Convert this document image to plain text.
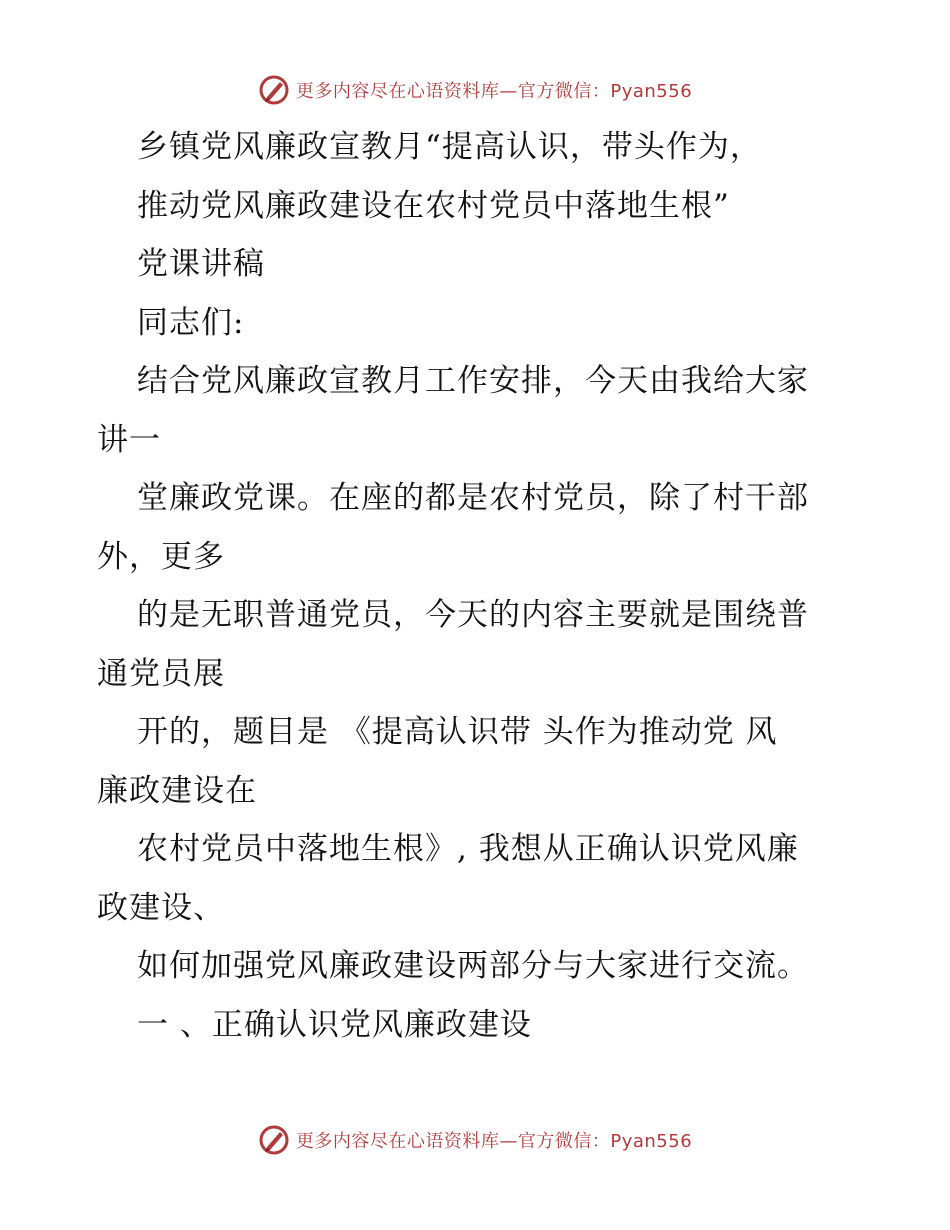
更多内容尽在心语资料库—官方微信：Pyan556

乡镇党风廉政宣教月“提高认识，带头作为，

推动党风廉政建设在农村党员中落地生根”

党课讲稿

同志们:

结合党风廉政宣教月工作安排，今天由我给大家

讲一

堂廉政党课。在座的都是农村党员，除了村干部

外，更多

的是无职普通党员，今天的内容主要就是围绕普

通党员展

开的，题目是 《提高认识带 头作为推动党 风

廉政建设在

农村党员中落地生根》, 我想从正确认识党风廉

政建设、

如何加强党风廉政建设两部分与大家进行交流。

一 、正确认识党风廉政建设

更多内容尽在心语资料库—官方微信：Pyan556
